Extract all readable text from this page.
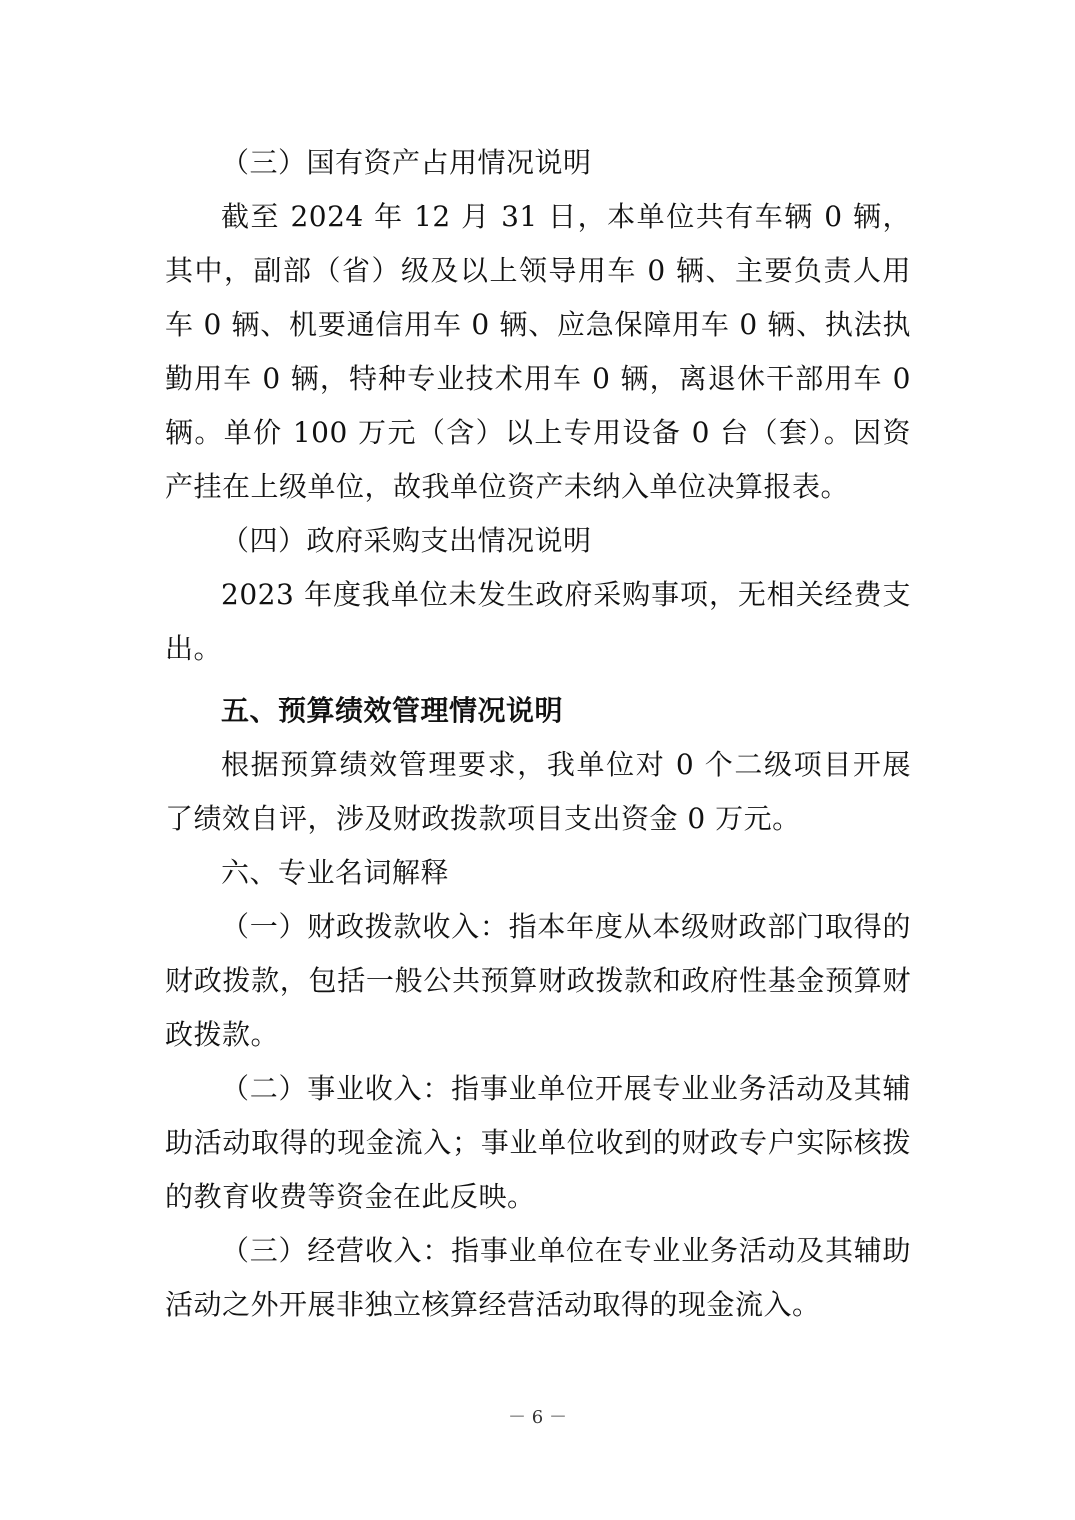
（三）国有资产占用情况说明
截至 2024 年 12 月 31 日，本单位共有车辆 0 辆，其中，副部（省）级及以上领导用车 0 辆、主要负责人用车 0 辆、机要通信用车 0 辆、应急保障用车 0 辆、执法执勤用车 0 辆，特种专业技术用车 0 辆，离退休干部用车 0 辆。单价 100 万元（含）以上专用设备 0 台（套）。因资产挂在上级单位，故我单位资产未纳入单位决算报表。
（四）政府采购支出情况说明
2023 年度我单位未发生政府采购事项，无相关经费支出。
五、预算绩效管理情况说明
根据预算绩效管理要求，我单位对 0 个二级项目开展了绩效自评，涉及财政拨款项目支出资金 0 万元。
六、专业名词解释
（一）财政拨款收入：指本年度从本级财政部门取得的财政拨款，包括一般公共预算财政拨款和政府性基金预算财政拨款。
（二）事业收入：指事业单位开展专业业务活动及其辅助活动取得的现金流入；事业单位收到的财政专户实际核拨的教育收费等资金在此反映。
（三）经营收入：指事业单位在专业业务活动及其辅助活动之外开展非独立核算经营活动取得的现金流入。
－ 6 －
